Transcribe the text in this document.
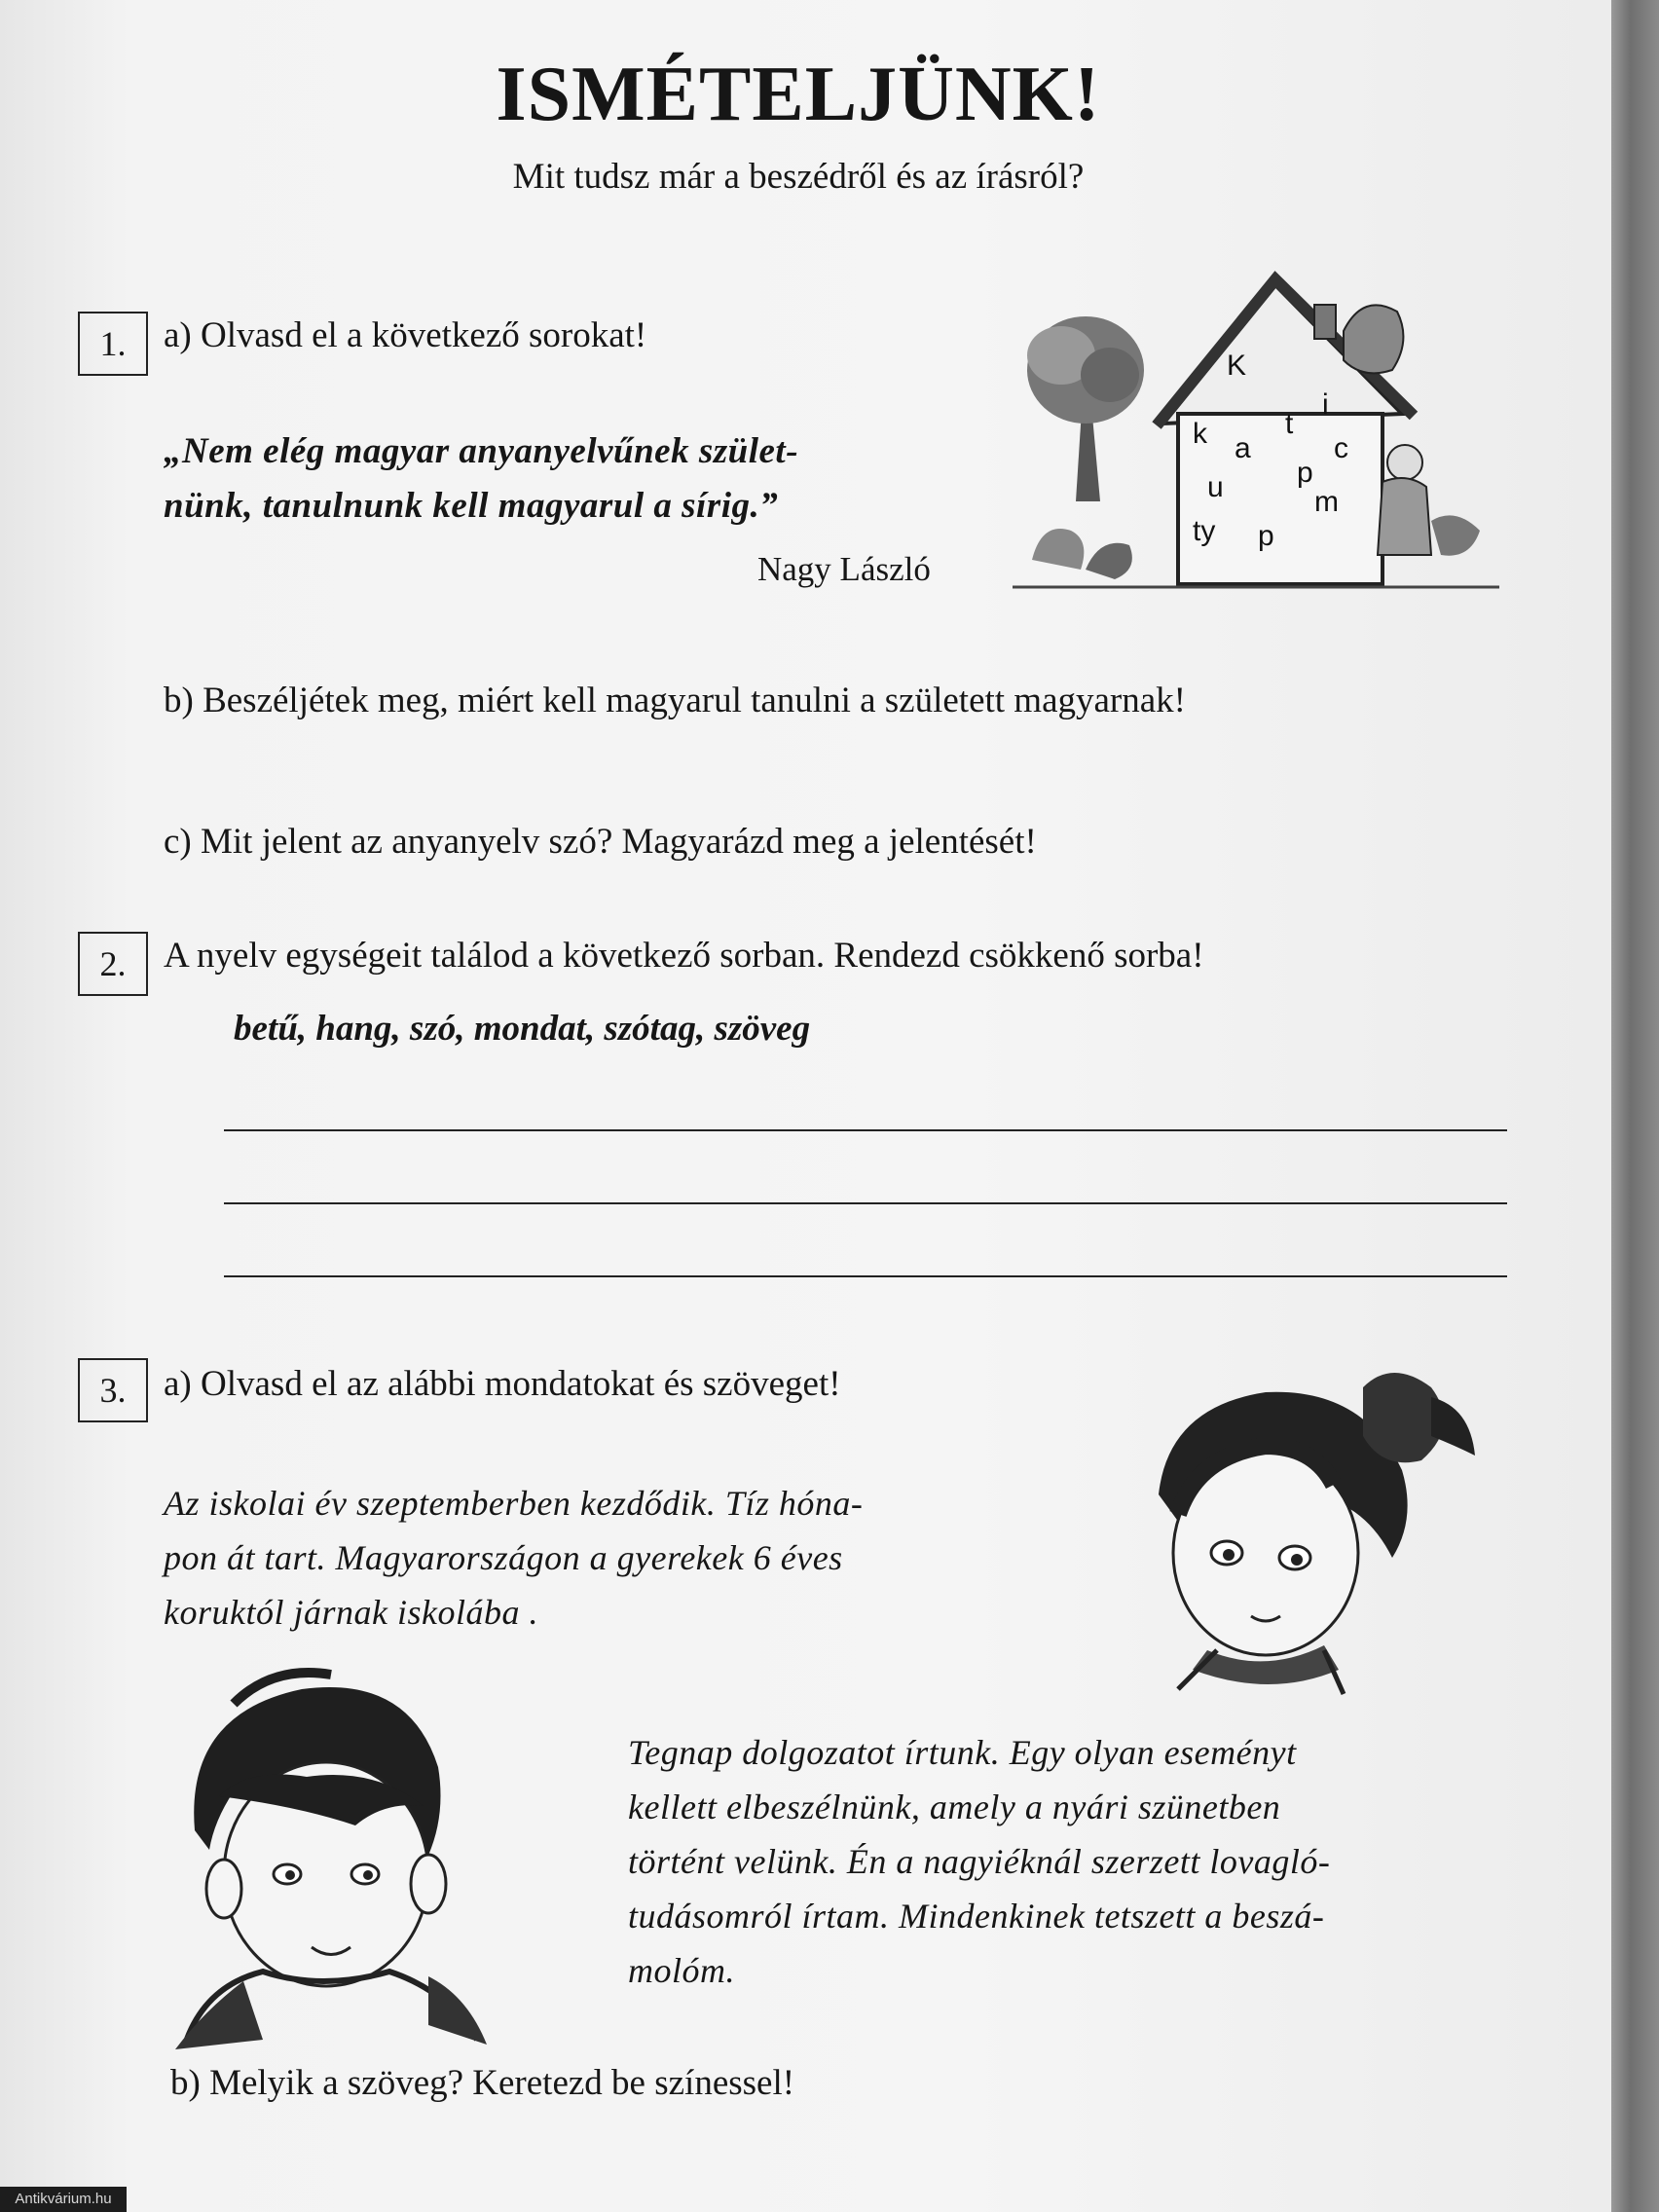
ISMÉTELJÜNK!
Mit tudsz már a beszédről és az írásról?
1.	a) Olvasd el a következő sorokat!
„Nem elég magyar anyanyelvűnek szület-
nünk, tanulnunk kell magyarul a sírig.”
Nagy László
K
t
i
k a	c
p
u	m
ty p
b) Beszéljétek meg, miért kell magyarul tanulni a született magyarnak!
c) Mit jelent az anyanyelv szó? Magyarázd meg a jelentését!
2.	A nyelv egységeit találod a következő sorban. Rendezd csökkenő sorba!
betű, hang, szó, mondat, szótag, szöveg
3.	a) Olvasd el az alábbi mondatokat és szöveget!
Az iskolai év szeptemberben kezdődik. Tíz hóna-
pon át tart. Magyarországon a gyerekek 6 éves
koruktól járnak iskolába .
Tegnap dolgozatot írtunk. Egy olyan eseményt
kellett elbeszélnünk, amely a nyári szünetben
történt velünk. Én a nagyiéknál szerzett lovagló-
tudásomról írtam. Mindenkinek tetszett a beszá-
molóm.
b) Melyik a szöveg? Keretezd be színessel!
Antikvárium.hu
